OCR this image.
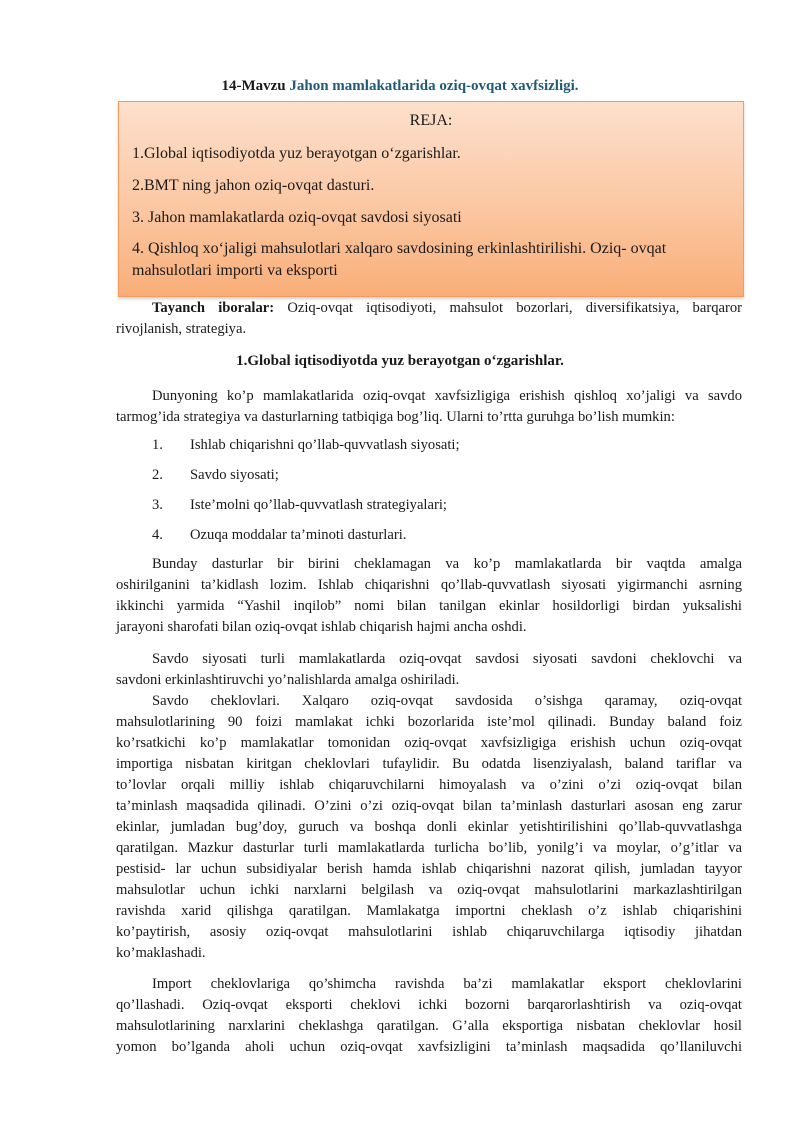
14-Mavzu Jahon mamlakatlarida oziq-ovqat xavfsizligi.
REJA:
1.Global iqtisodiyotda yuz berayotgan o‘zgarishlar.
2.BMT ning jahon oziq-ovqat dasturi.
3. Jahon mamlakatlarda oziq-ovqat savdosi siyosati
4. Qishloq xo‘jaligi mahsulotlari xalqaro savdosining erkinlashtirilishi. Oziq- ovqat
mahsulotlari importi va eksporti
Tayanch iboralar: Oziq-ovqat iqtisodiyoti, mahsulot bozorlari, diversifikatsiya, barqaror
rivojlanish, strategiya.
1.Global iqtisodiyotda yuz berayotgan o‘zgarishlar.
Dunyoning ko’p mamlakatlarida oziq-ovqat xavfsizligiga erishish qishloq xo’jaligi va savdo
tarmog’ida strategiya va dasturlarning tatbiqiga bog’liq. Ularni to’rtta guruhga bo’lish mumkin:
1. Ishlab chiqarishni qo’llab-quvvatlash siyosati;
2. Savdo siyosati;
3. Iste’molni qo’llab-quvvatlash strategiyalari;
4. Ozuqa moddalar ta’minoti dasturlari.
Bunday dasturlar bir birini cheklamagan va ko’p mamlakatlarda bir vaqtda amalga
oshirilganini ta’kidlash lozim. Ishlab chiqarishni qo’llab-quvvatlash siyosati yigirmanchi asrning
ikkinchi yarmida “Yashil inqilob” nomi bilan tanilgan ekinlar hosildorligi birdan yuksalishi
jarayoni sharofati bilan oziq-ovqat ishlab chiqarish hajmi ancha oshdi.
Savdo siyosati turli mamlakatlarda oziq-ovqat savdosi siyosati savdoni cheklovchi va
savdoni erkinlashtiruvchi yo’nalishlarda amalga oshiriladi.
Savdo cheklovlari. Xalqaro oziq-ovqat savdosida o’sishga qaramay, oziq-ovqat
mahsulotlarining 90 foizi mamlakat ichki bozorlarida iste’mol qilinadi. Bunday baland foiz
ko’rsatkichi ko’p mamlakatlar tomonidan oziq-ovqat xavfsizligiga erishish uchun oziq-ovqat
importiga nisbatan kiritgan cheklovlari tufaylidir. Bu odatda lisenziyalash, baland tariflar va
to’lovlar orqali milliy ishlab chiqaruvchilarni himoyalash va o’zini o’zi oziq-ovqat bilan
ta’minlash maqsadida qilinadi. O’zini o’zi oziq-ovqat bilan ta’minlash dasturlari asosan eng zarur
ekinlar, jumladan bug’doy, guruch va boshqa donli ekinlar yetishtirilishini qo’llab-quvvatlashga
qaratilgan. Mazkur dasturlar turli mamlakatlarda turlicha bo’lib, yonilg’i va moylar, o’g’itlar va
pestisid- lar uchun subsidiyalar berish hamda ishlab chiqarishni nazorat qilish, jumladan tayyor
mahsulotlar uchun ichki narxlarni belgilash va oziq-ovqat mahsulotlarini markazlashtirilgan
ravishda xarid qilishga qaratilgan. Mamlakatga importni cheklash o’z ishlab chiqarishini
ko’paytirish, asosiy oziq-ovqat mahsulotlarini ishlab chiqaruvchilarga iqtisodiy jihatdan
ko’maklashadi.
Import cheklovlariga qo’shimcha ravishda ba’zi mamlakatlar eksport cheklovlarini
qo’llashadi. Oziq-ovqat eksporti cheklovi ichki bozorni barqarorlashtirish va oziq-ovqat
mahsulotlarining narxlarini cheklashga qaratilgan. G’alla eksportiga nisbatan cheklovlar hosil
yomon bo’lganda aholi uchun oziq-ovqat xavfsizligini ta’minlash maqsadida qo’llaniluvchi
